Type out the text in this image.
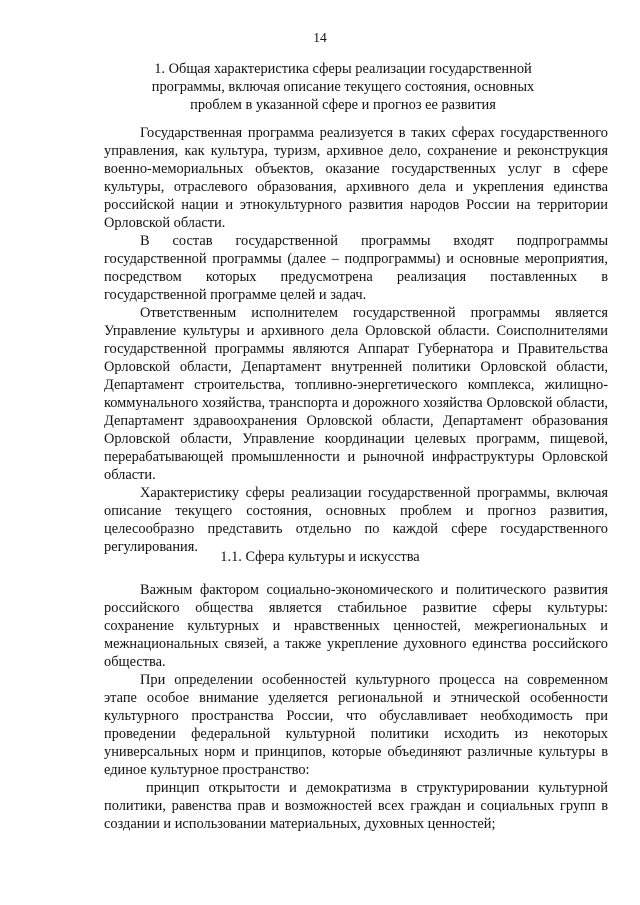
14
1. Общая характеристика сферы реализации государственной программы, включая описание текущего состояния, основных проблем в указанной сфере и прогноз ее развития

Государственная программа реализуется в таких сферах государственного управления, как культура, туризм, архивное дело, сохранение и реконструкция военно-мемориальных объектов, оказание государственных услуг в сфере культуры, отраслевого образования, архивного дела и укрепления единства российской нации и этнокультурного развития народов России на территории Орловской области.

В состав государственной программы входят подпрограммы государственной программы (далее – подпрограммы) и основные мероприятия, посредством которых предусмотрена реализация поставленных в государственной программе целей и задач.

Ответственным исполнителем государственной программы является Управление культуры и архивного дела Орловской области. Соисполнителями государственной программы являются Аппарат Губернатора и Правительства Орловской области, Департамент внутренней политики Орловской области, Департамент строительства, топливно-энергетического комплекса, жилищно-коммунального хозяйства, транспорта и дорожного хозяйства Орловской области, Департамент здравоохранения Орловской области, Департамент образования Орловской области, Управление координации целевых программ, пищевой, перерабатывающей промышленности и рыночной инфраструктуры Орловской области.

Характеристику сферы реализации государственной программы, включая описание текущего состояния, основных проблем и прогноз развития, целесообразно представить отдельно по каждой сфере государственного регулирования.

1.1. Сфера культуры и искусства

Важным фактором социально-экономического и политического развития российского общества является стабильное развитие сферы культуры: сохранение культурных и нравственных ценностей, межрегиональных и межнациональных связей, а также укрепление духовного единства российского общества.

При определении особенностей культурного процесса на современном этапе особое внимание уделяется региональной и этнической особенности культурного пространства России, что обуславливает необходимость при проведении федеральной культурной политики исходить из некоторых универсальных норм и принципов, которые объединяют различные культуры в единое культурное пространство:

принцип открытости и демократизма в структурировании культурной политики, равенства прав и возможностей всех граждан и социальных групп в создании и использовании материальных, духовных ценностей;
